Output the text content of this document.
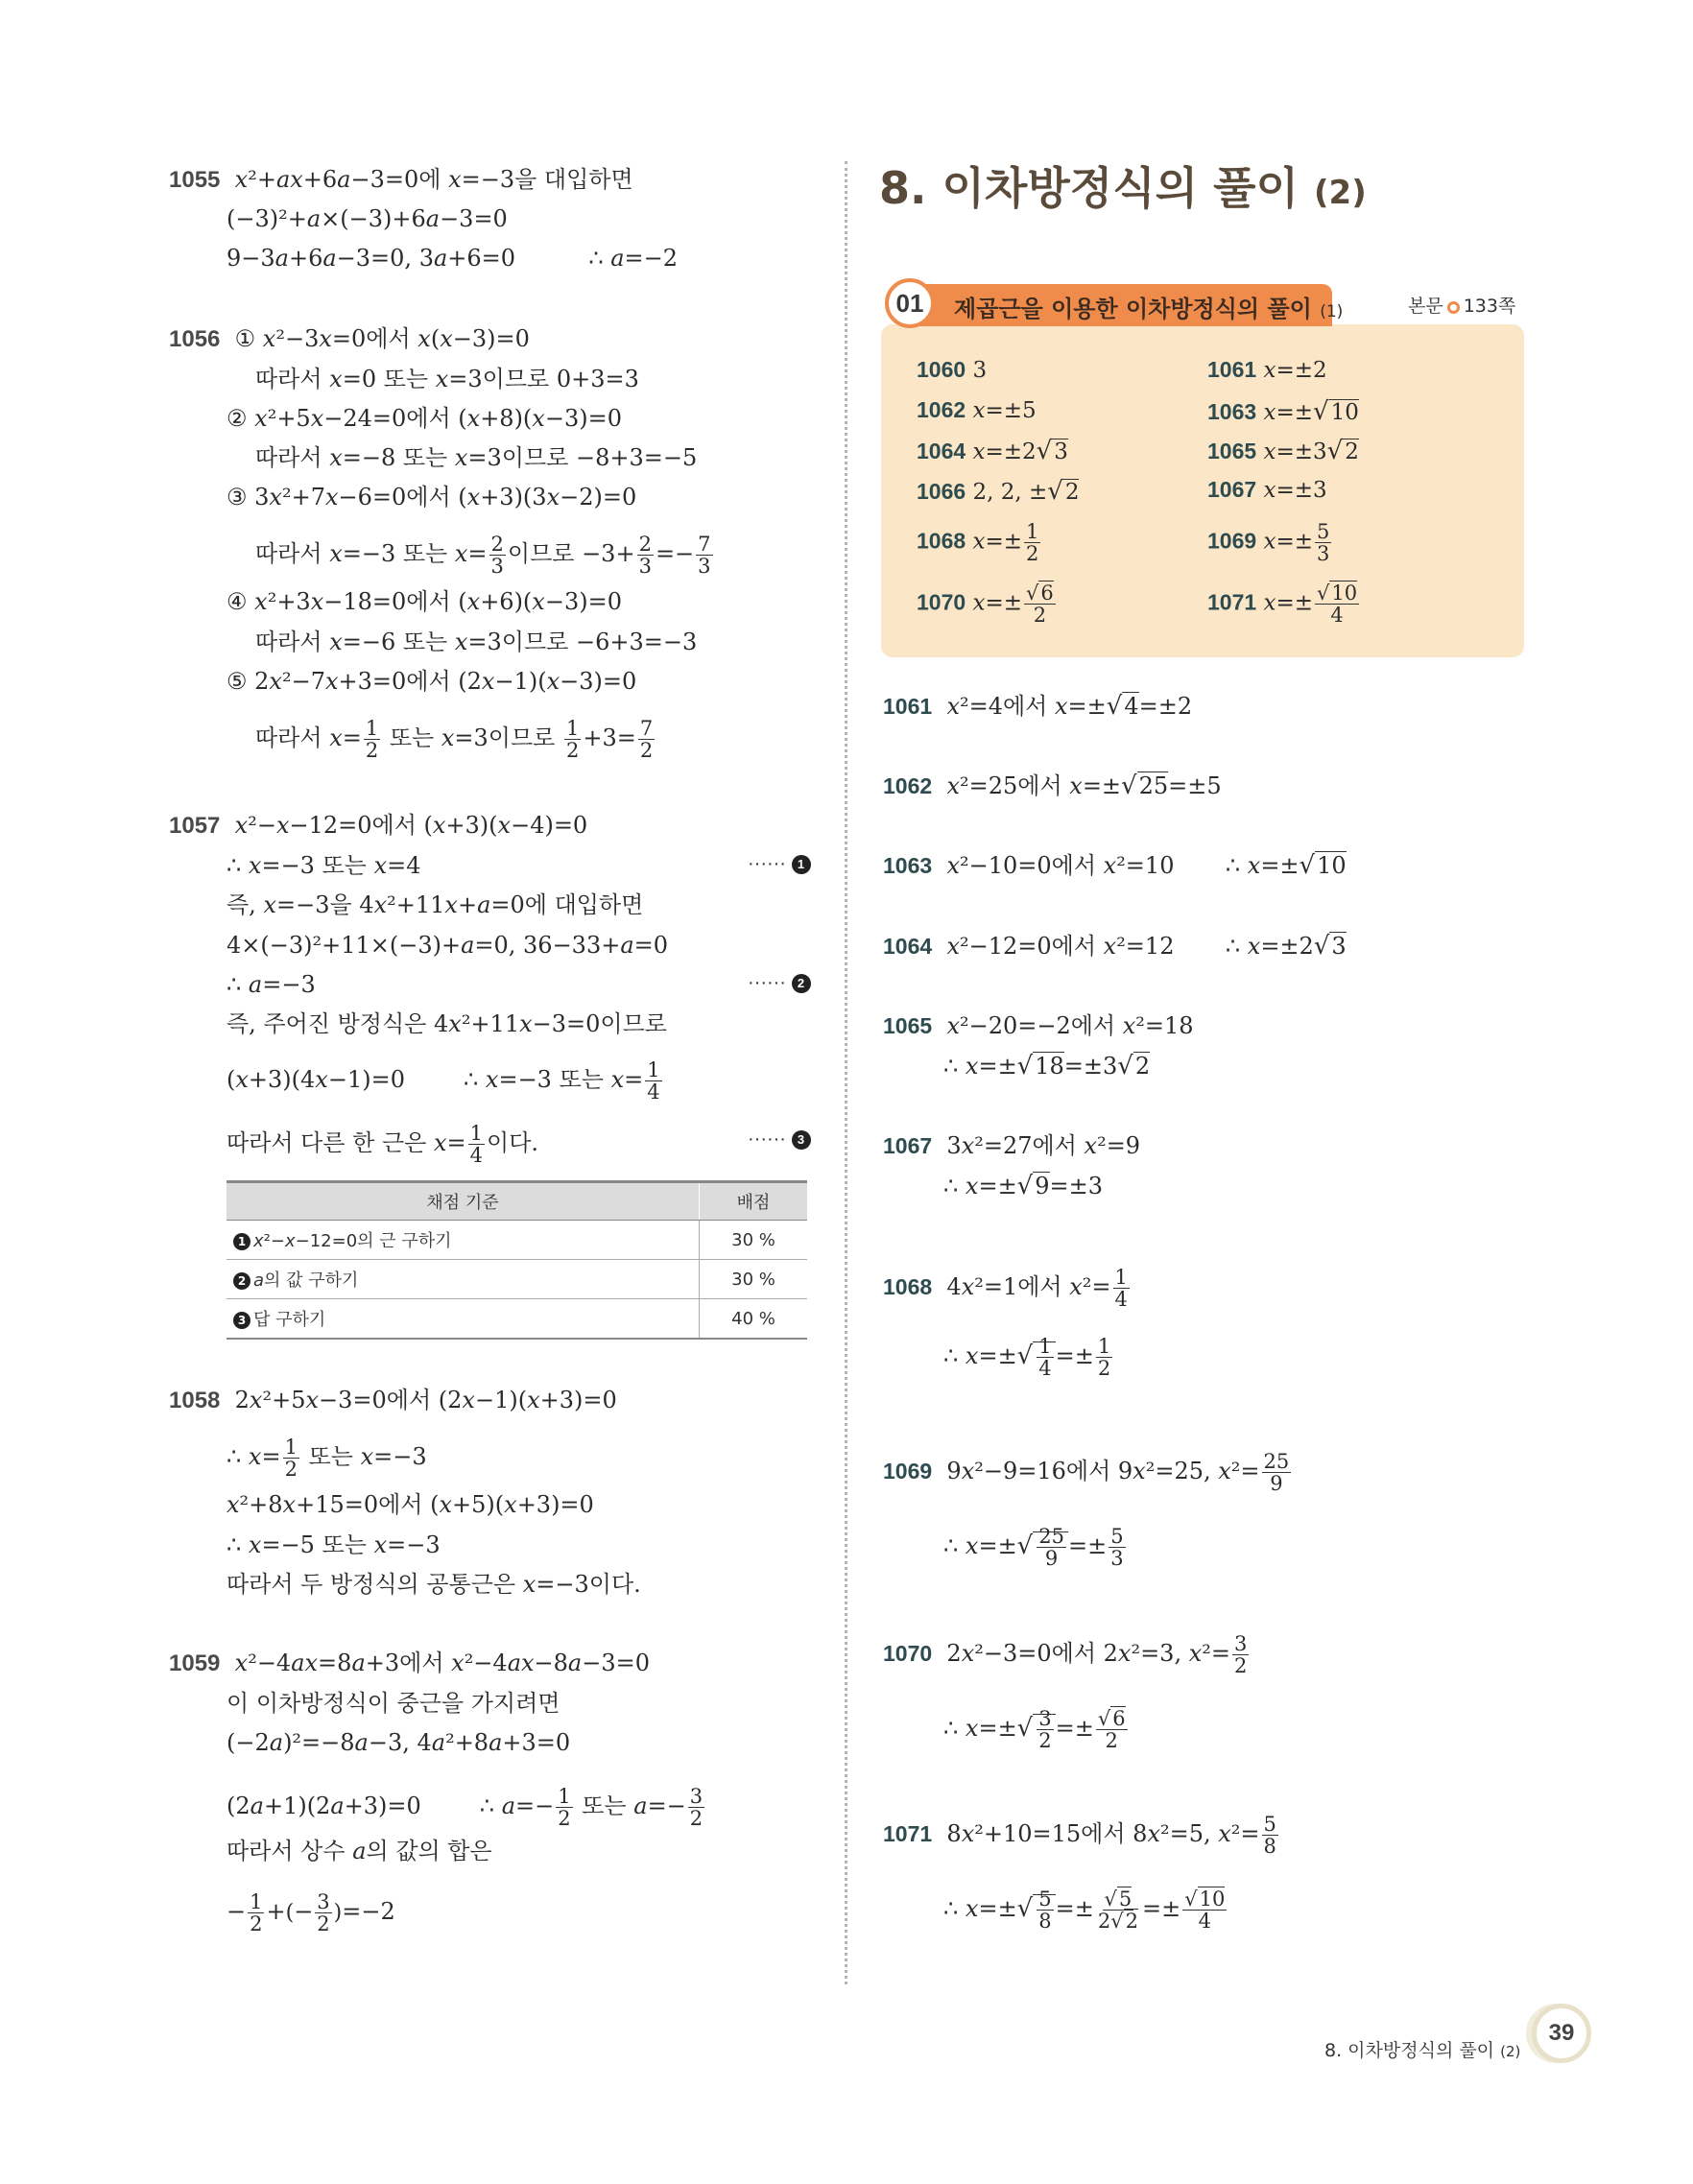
1055 x²+ax+6a−3=0에 x=−3을 대입하면
(−3)²+a×(−3)+6a−3=0
9−3a+6a−3=0, 3a+6=0          ∴ a=−2
1056  ① x²−3x=0에서 x(x−3)=0
따라서 x=0 또는 x=3이므로 0+3=3
② x²+5x−24=0에서 (x+8)(x−3)=0
따라서 x=−8 또는 x=3이므로 −8+3=−5
③ 3x²+7x−6=0에서 (x+3)(3x−2)=0
따라서 x=−3 또는 $x= \frac{2}{3}$ 이므로 $-3+ \frac{2}{3} =- \frac{7}{3}$
④ x²+3x−18=0에서 (x+6)(x−3)=0
따라서 x=−6 또는 x=3이므로 −6+3=−3
⑤ 2x²−7x+3=0에서 (2x−1)(x−3)=0
따라서 $x= \frac{1}{2}$ 또는 x=3이므로 $\frac{1}{2} +3= \frac{7}{2}$
1057 x²−x−12=0에서 (x+3)(x−4)=0
∴ x=−3 또는 x=4	······ 1
즉, x=−3을 4x²+11x+a=0에 대입하면
4×(−3)²+11×(−3)+a=0, 36−33+a=0
∴ a=−3	······ 2
즉, 주어진 방정식은 4x²+11x−3=0이므로
(x+3)(4x−1)=0        ∴ x=−3 또는 $x= \frac{1}{4}$
따라서 다른 한 근은 $x= \frac{1}{4}$ 이다.	······ 3
채점 기준	배점
1 x²−x−12=0의 근 구하기	30 %
2 a의 값 구하기	30 %
3 답 구하기	40 %
1058  2x²+5x−3=0에서 (2x−1)(x+3)=0
∴ $x= \frac{1}{2}$ 또는 x=−3
x²+8x+15=0에서 (x+5)(x+3)=0
∴ x=−5 또는 x=−3
따라서 두 방정식의 공통근은 x=−3이다.
1059 x²−4ax=8a+3에서 x²−4ax−8a−3=0
이 이차방정식이 중근을 가지려면
(−2a)²=−8a−3, 4a²+8a+3=0
(2a+1)(2a+3)=0        ∴ $a=- \frac{1}{2}$ 또는 $a=- \frac{3}{2}$
따라서 상수 a의 값의 합은
− $\frac{1}{2}$ +(− $\frac{3}{2} )=-2$
8. 이차방정식의 풀이 (2)
01	제곱근을 이용한 이차방정식의 풀이 (1)	본문 133쪽
1060 3	1061 x=±2
1062 x=±5	1063 x=±√10
1064 x=±2√3	1065 x=±3√2
1066 2, 2, ±√2	1067 x=±3
1068 $x=\pm \frac{1}{2}$	1069 $x=\pm \frac{5}{3}$
1070 $x=\pm \frac{√6}{2}$	1071 $x=\pm \frac{√10}{4}$
1061 x²=4에서 x=±√4=±2
1062 x²=25에서 x=±√25=±5
1063 x²−10=0에서 x²=10       ∴ x=±√10
1064 x²−12=0에서 x²=12       ∴ x=±2√3
1065 x²−20=−2에서 x²=18
∴ x=±√18=±3√2
1067  3x²=27에서 x²=9
∴ x=±√9=±3
1068  4x²=1에서 $x^2= \frac{1}{4}$
∴ $x=\pm√ \frac{1}{4} =\pm \frac{1}{2}$
1069  9x²−9=16에서 9x²=25, $x^2= \frac{25}{9}$
∴ $x=\pm√ \frac{25}{9} =\pm \frac{5}{3}$
1070  2x²−3=0에서 2x²=3, $x^2= \frac{3}{2}$
∴ $x=\pm√ \frac{3}{2} =\pm \frac{√6}{2}$
1071  8x²+10=15에서 8x²=5, $x^2= \frac{5}{8}$
∴ $x=\pm√ \frac{5}{8} =\pm \frac{√5}{2√2} =\pm \frac{√10}{4}$
8. 이차방정식의 풀이 (2)
39
